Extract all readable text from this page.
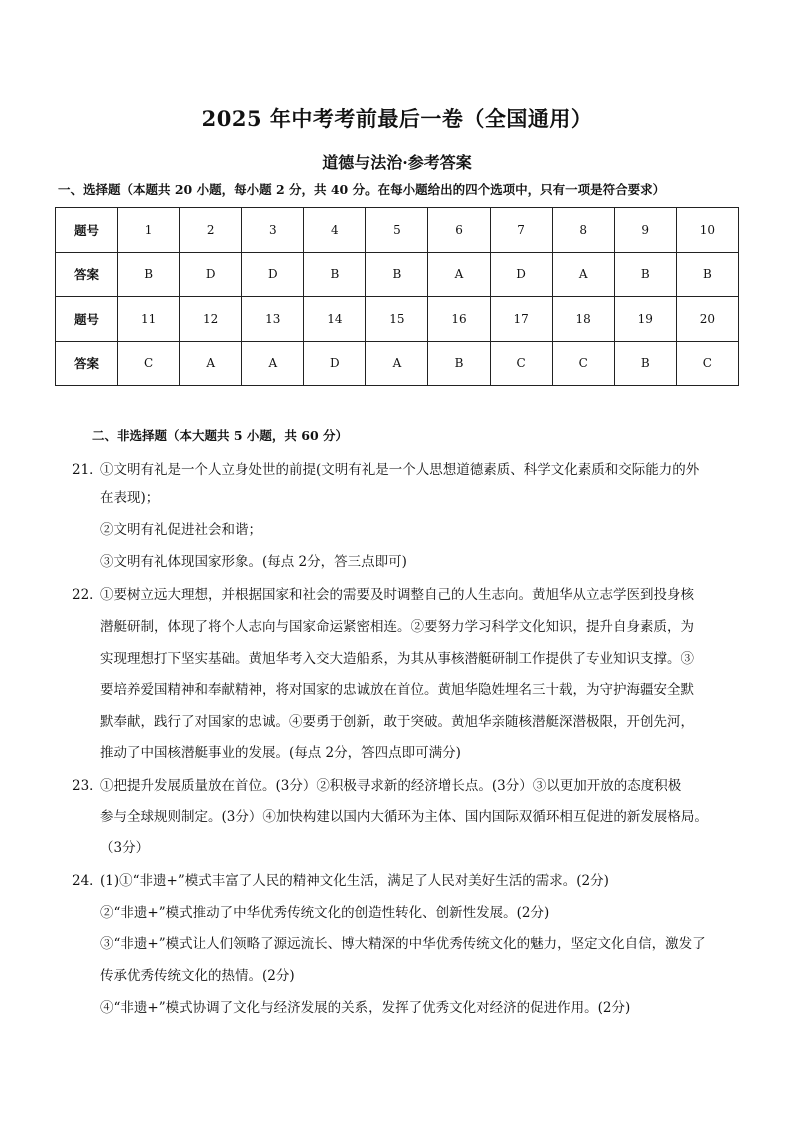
2025 年中考考前最后一卷（全国通用）
道德与法治·参考答案
一、选择题（本题共 20 小题，每小题 2 分，共 40 分。在每小题给出的四个选项中，只有一项是符合要求）
题号	1	2	3	4	5	6	7	8	9	10
答案	B	D	D	B	B	A	D	A	B	B
题号	11	12	13	14	15	16	17	18	19	20
答案	C	A	A	D	A	B	C	C	B	C
二、非选择题（本大题共 5 小题，共 60 分）
21．
①文明有礼是一个人立身处世的前提(文明有礼是一个人思想道德素质、科学文化素质和交际能力的外
在表现)；
②文明有礼促进社会和谐；
③文明有礼体现国家形象。(每点 2分，答三点即可)
22．
①要树立远大理想，并根据国家和社会的需要及时调整自己的人生志向。黄旭华从立志学医到投身核
潜艇研制，体现了将个人志向与国家命运紧密相连。②要努力学习科学文化知识，提升自身素质，为
实现理想打下坚实基础。黄旭华考入交大造船系，为其从事核潜艇研制工作提供了专业知识支撑。③
要培养爱国精神和奉献精神，将对国家的忠诚放在首位。黄旭华隐姓埋名三十载，为守护海疆安全默
默奉献，践行了对国家的忠诚。④要勇于创新，敢于突破。黄旭华亲随核潜艇深潜极限，开创先河，
推动了中国核潜艇事业的发展。(每点 2分，答四点即可满分)
23．
①把提升发展质量放在首位。(3分）②积极寻求新的经济增长点。(3分）③以更加开放的态度积极
参与全球规则制定。(3分）④加快构建以国内大循环为主体、国内国际双循环相互促进的新发展格局。
（3分）
24．
(1)①“非遗+”模式丰富了人民的精神文化生活，满足了人民对美好生活的需求。(2分)
②“非遗+”模式推动了中华优秀传统文化的创造性转化、创新性发展。(2分)
③“非遗+”模式让人们领略了源远流长、博大精深的中华优秀传统文化的魅力，坚定文化自信，激发了
传承优秀传统文化的热情。(2分)
④“非遗+”模式协调了文化与经济发展的关系，发挥了优秀文化对经济的促进作用。(2分)
